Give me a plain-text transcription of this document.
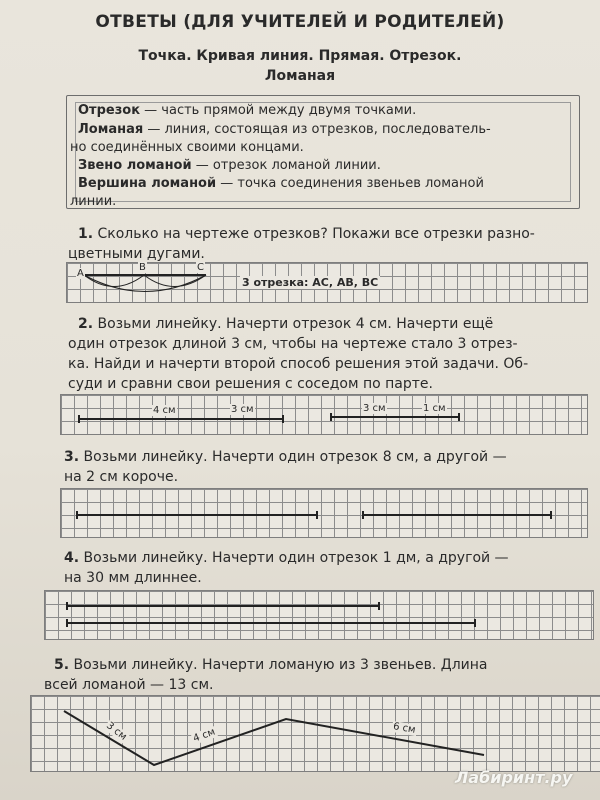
ОТВЕТЫ (ДЛЯ УЧИТЕЛЕЙ И РОДИТЕЛЕЙ)
Точка. Кривая линия. Прямая. Отрезок.
Ломаная
Отрезок — часть прямой между двумя точками.
Ломаная — линия, состоящая из отрезков, последователь-
но соединённых своими концами.
Звено ломаной — отрезок ломаной линии.
Вершина ломаной — точка соединения звеньев ломаной
линии.
1. Сколько на чертеже отрезков? Покажи все отрезки разно-
цветными дугами.
A
B	C
3 отрезка: АС, АВ, ВС
2. Возьми линейку. Начерти отрезок 4 см. Начерти ещё
один отрезок длиной 3 см, чтобы на чертеже стало 3 отрез-
ка. Найди и начерти второй способ решения этой задачи. Об-
суди и сравни свои решения с соседом по парте.
4 см	3 см	3 см	1 см
3. Возьми линейку. Начерти один отрезок 8 см, а другой —
на 2 см короче.
4. Возьми линейку. Начерти один отрезок 1 дм, а другой —
на 30 мм длиннее.
5. Возьми линейку. Начерти ломаную из 3 звеньев. Длина
всей ломаной — 13 см.
3 см	4 см	6 см
Лабиринт.ру
